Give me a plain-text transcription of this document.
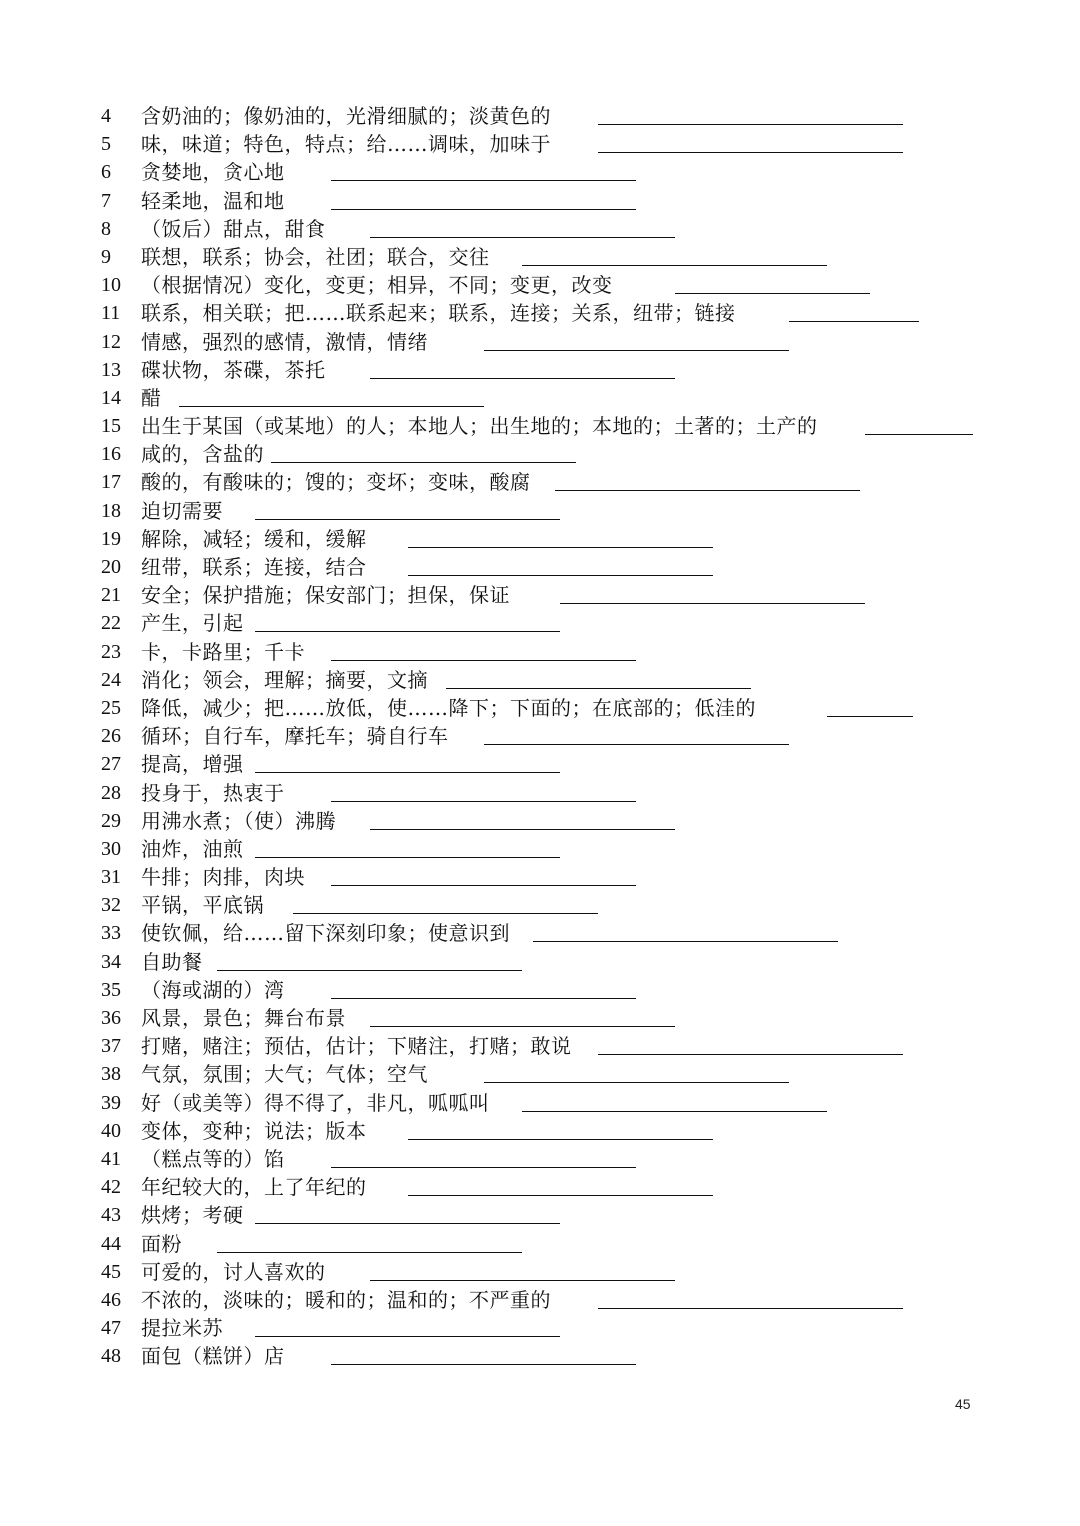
4	含奶油的；像奶油的，光滑细腻的；淡黄色的
5	味，味道；特色，特点；给……调味，加味于
6	贪婪地，贪心地
7	轻柔地，温和地
8	（饭后）甜点，甜食
9	联想，联系；协会，社团；联合，交往
10	（根据情况）变化，变更；相异，不同；变更，改变
11	联系，相关联；把……联系起来；联系，连接；关系，纽带；链接
12	情感，强烈的感情，激情，情绪
13	碟状物，茶碟，茶托
14	醋
15	出生于某国（或某地）的人；本地人；出生地的；本地的；土著的；土产的
16	咸的，含盐的
17	酸的，有酸味的；馊的；变坏；变味，酸腐
18	迫切需要
19	解除，减轻；缓和，缓解
20	纽带，联系；连接，结合
21	安全；保护措施；保安部门；担保，保证
22	产生，引起
23	卡，卡路里；千卡
24	消化；领会，理解；摘要，文摘
25	降低，减少；把……放低，使……降下；下面的；在底部的；低洼的
26	循环；自行车，摩托车；骑自行车
27	提高，增强
28	投身于，热衷于
29	用沸水煮；（使）沸腾
30	油炸，油煎
31	牛排；肉排，肉块
32	平锅，平底锅
33	使钦佩，给……留下深刻印象；使意识到
34	自助餐
35	（海或湖的）湾
36	风景，景色；舞台布景
37	打赌，赌注；预估，估计；下赌注，打赌；敢说
38	气氛，氛围；大气；气体；空气
39	好（或美等）得不得了，非凡，呱呱叫
40	变体，变种；说法；版本
41	（糕点等的）馅
42	年纪较大的，上了年纪的
43	烘烤；考硬
44	面粉
45	可爱的，讨人喜欢的
46	不浓的，淡味的；暖和的；温和的；不严重的
47	提拉米苏
48	面包（糕饼）店
45
